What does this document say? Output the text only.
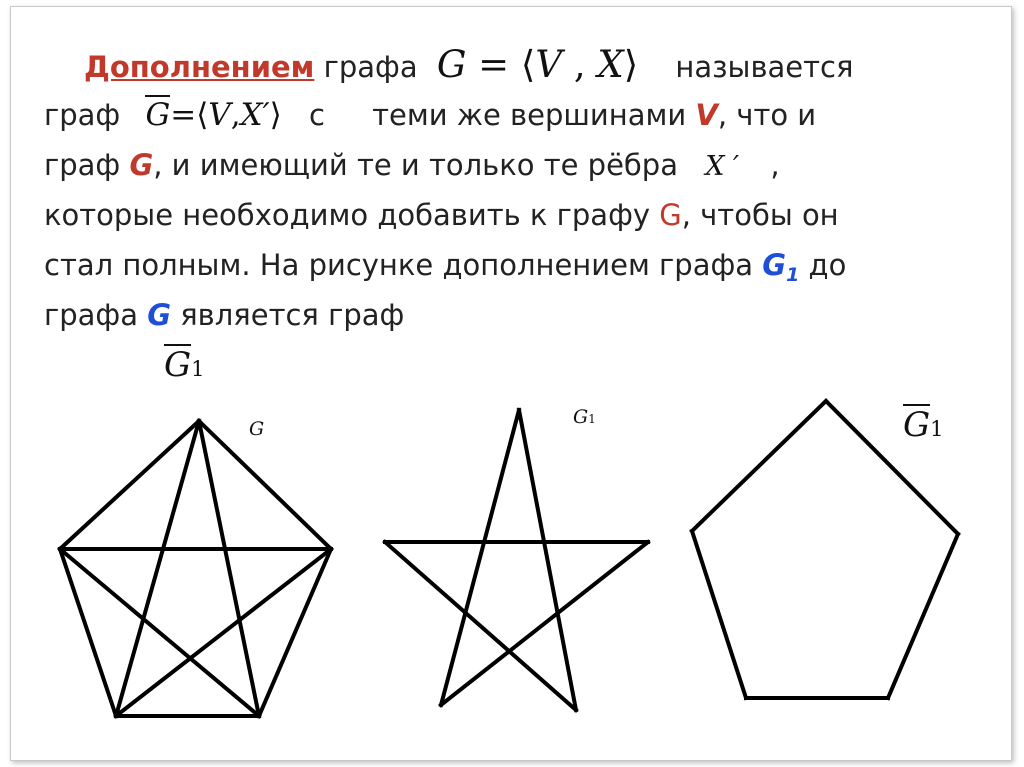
Дополнением графа G = ⟨V , X⟩ называется
граф G=⟨V,X′⟩ с теми же вершинами V, что и
граф G, и имеющий те и только те рёбра X ′ ,
которые необходимо добавить к графу G, чтобы он
стал полным. На рисунке дополнением графа $G_1$ до
графа G является граф
G1
G
G1	G1
